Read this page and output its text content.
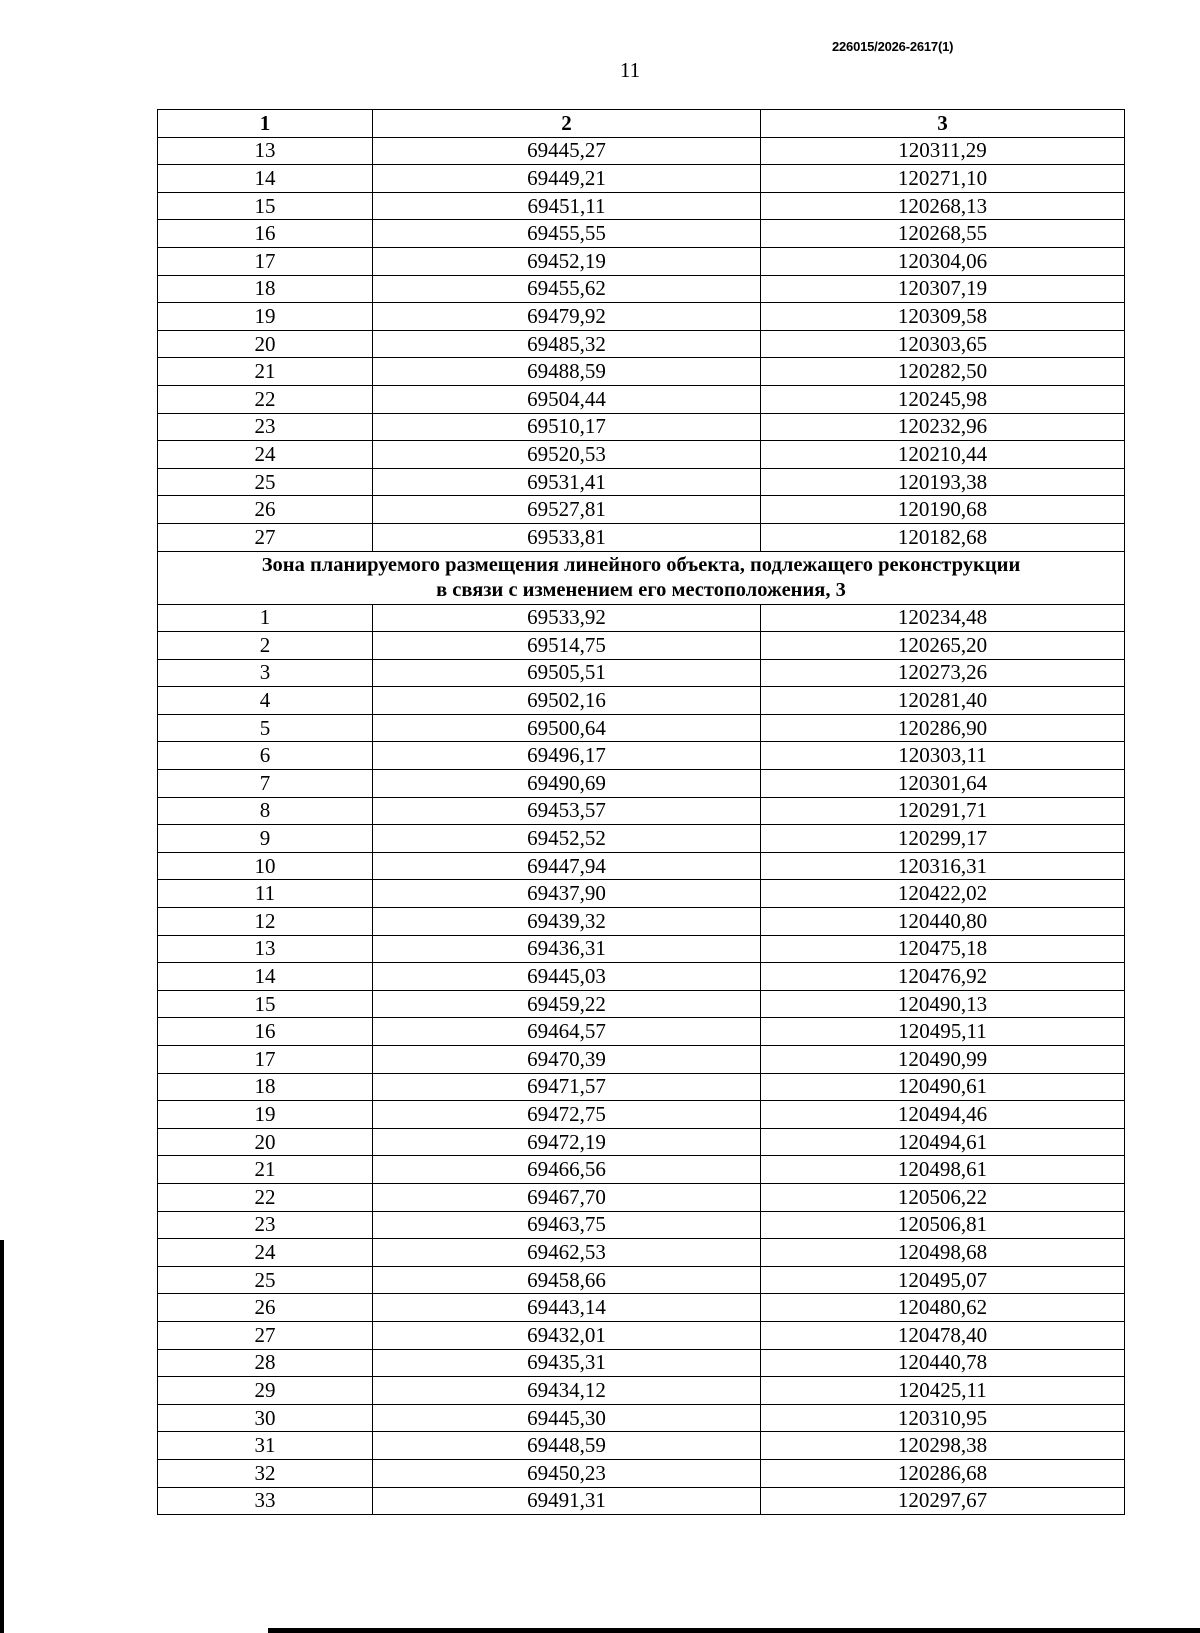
226015/2026-2617(1)
11
1	2	3
13	69445,27	120311,29
14	69449,21	120271,10
15	69451,11	120268,13
16	69455,55	120268,55
17	69452,19	120304,06
18	69455,62	120307,19
19	69479,92	120309,58
20	69485,32	120303,65
21	69488,59	120282,50
22	69504,44	120245,98
23	69510,17	120232,96
24	69520,53	120210,44
25	69531,41	120193,38
26	69527,81	120190,68
27	69533,81	120182,68

Зона планируемого размещения линейного объекта, подлежащего реконструкции
в связи с изменением его местоположения, 3		

1	69533,92	120234,48
2	69514,75	120265,20
3	69505,51	120273,26
4	69502,16	120281,40
5	69500,64	120286,90
6	69496,17	120303,11
7	69490,69	120301,64
8	69453,57	120291,71
9	69452,52	120299,17
10	69447,94	120316,31
11	69437,90	120422,02
12	69439,32	120440,80
13	69436,31	120475,18
14	69445,03	120476,92
15	69459,22	120490,13
16	69464,57	120495,11
17	69470,39	120490,99
18	69471,57	120490,61
19	69472,75	120494,46
20	69472,19	120494,61
21	69466,56	120498,61
22	69467,70	120506,22
23	69463,75	120506,81
24	69462,53	120498,68
25	69458,66	120495,07
26	69443,14	120480,62
27	69432,01	120478,40
28	69435,31	120440,78
29	69434,12	120425,11
30	69445,30	120310,95
31	69448,59	120298,38
32	69450,23	120286,68
33	69491,31	120297,67
